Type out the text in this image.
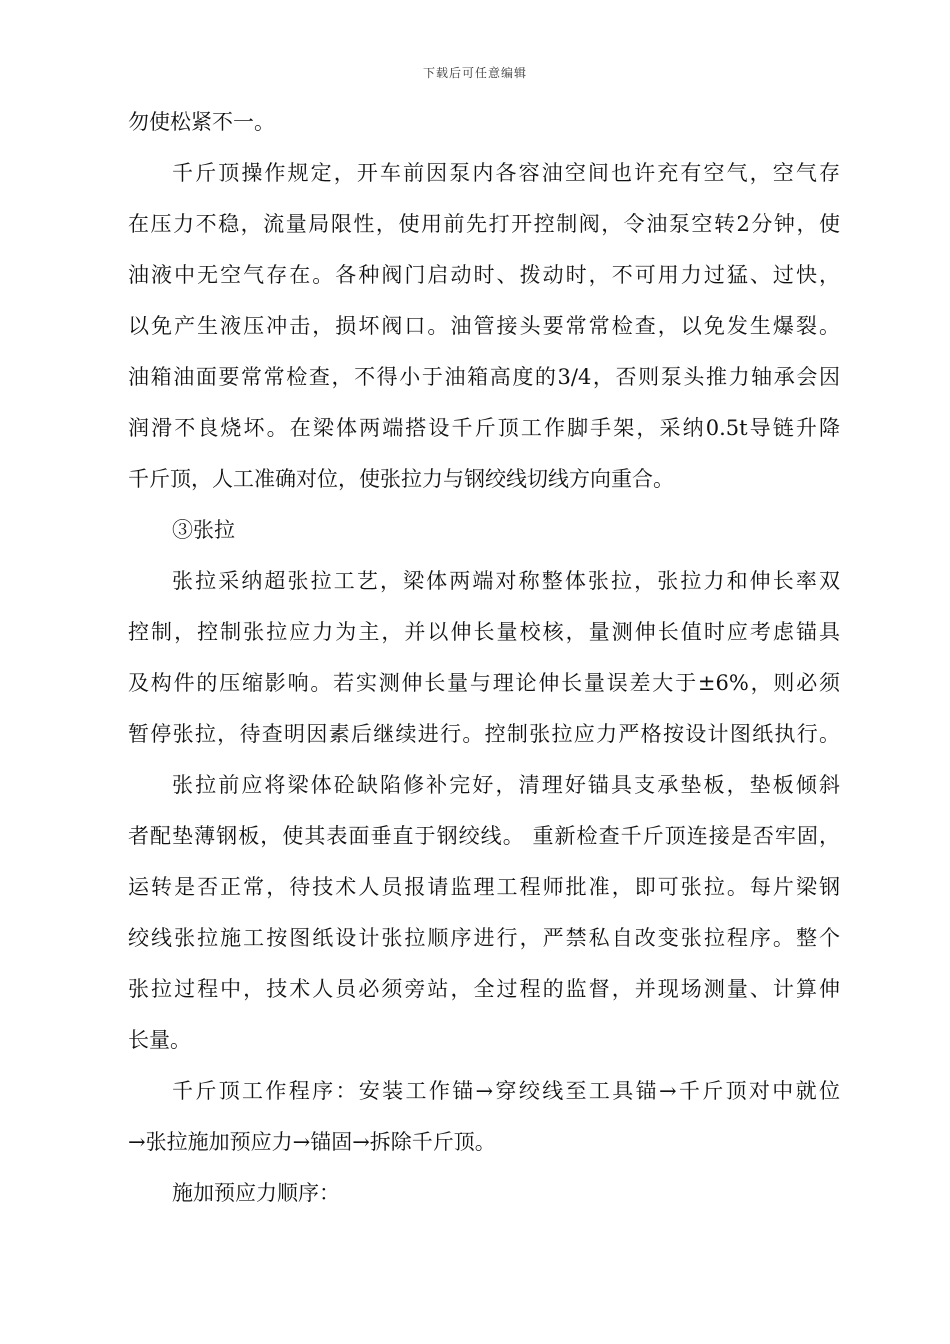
下载后可任意编辑
勿使松紧不一。
千斤顶操作规定，开车前因泵内各容油空间也许充有空气，空气存
在压力不稳，流量局限性，使用前先打开控制阀，令油泵空转2分钟，使
油液中无空气存在。各种阀门启动时、拨动时，不可用力过猛、过快，
以免产生液压冲击，损坏阀口。油管接头要常常检查，以免发生爆裂。
油箱油面要常常检查，不得小于油箱高度的3/4，否则泵头推力轴承会因
润滑不良烧坏。在梁体两端搭设千斤顶工作脚手架，采纳0.5t导链升降
千斤顶，人工准确对位，使张拉力与钢绞线切线方向重合。
③张拉
张拉采纳超张拉工艺，梁体两端对称整体张拉，张拉力和伸长率双
控制，控制张拉应力为主，并以伸长量校核，量测伸长值时应考虑锚具
及构件的压缩影响。若实测伸长量与理论伸长量误差大于±6%，则必须
暂停张拉，待查明因素后继续进行。控制张拉应力严格按设计图纸执行。
张拉前应将梁体砼缺陷修补完好，清理好锚具支承垫板，垫板倾斜
者配垫薄钢板，使其表面垂直于钢绞线。 重新检查千斤顶连接是否牢固，
运转是否正常，待技术人员报请监理工程师批准，即可张拉。每片梁钢
绞线张拉施工按图纸设计张拉顺序进行，严禁私自改变张拉程序。整个
张拉过程中，技术人员必须旁站，全过程的监督，并现场测量、计算伸
长量。
千斤顶工作程序：安装工作锚→穿绞线至工具锚→千斤顶对中就位
→张拉施加预应力→锚固→拆除千斤顶。
施加预应力顺序：
